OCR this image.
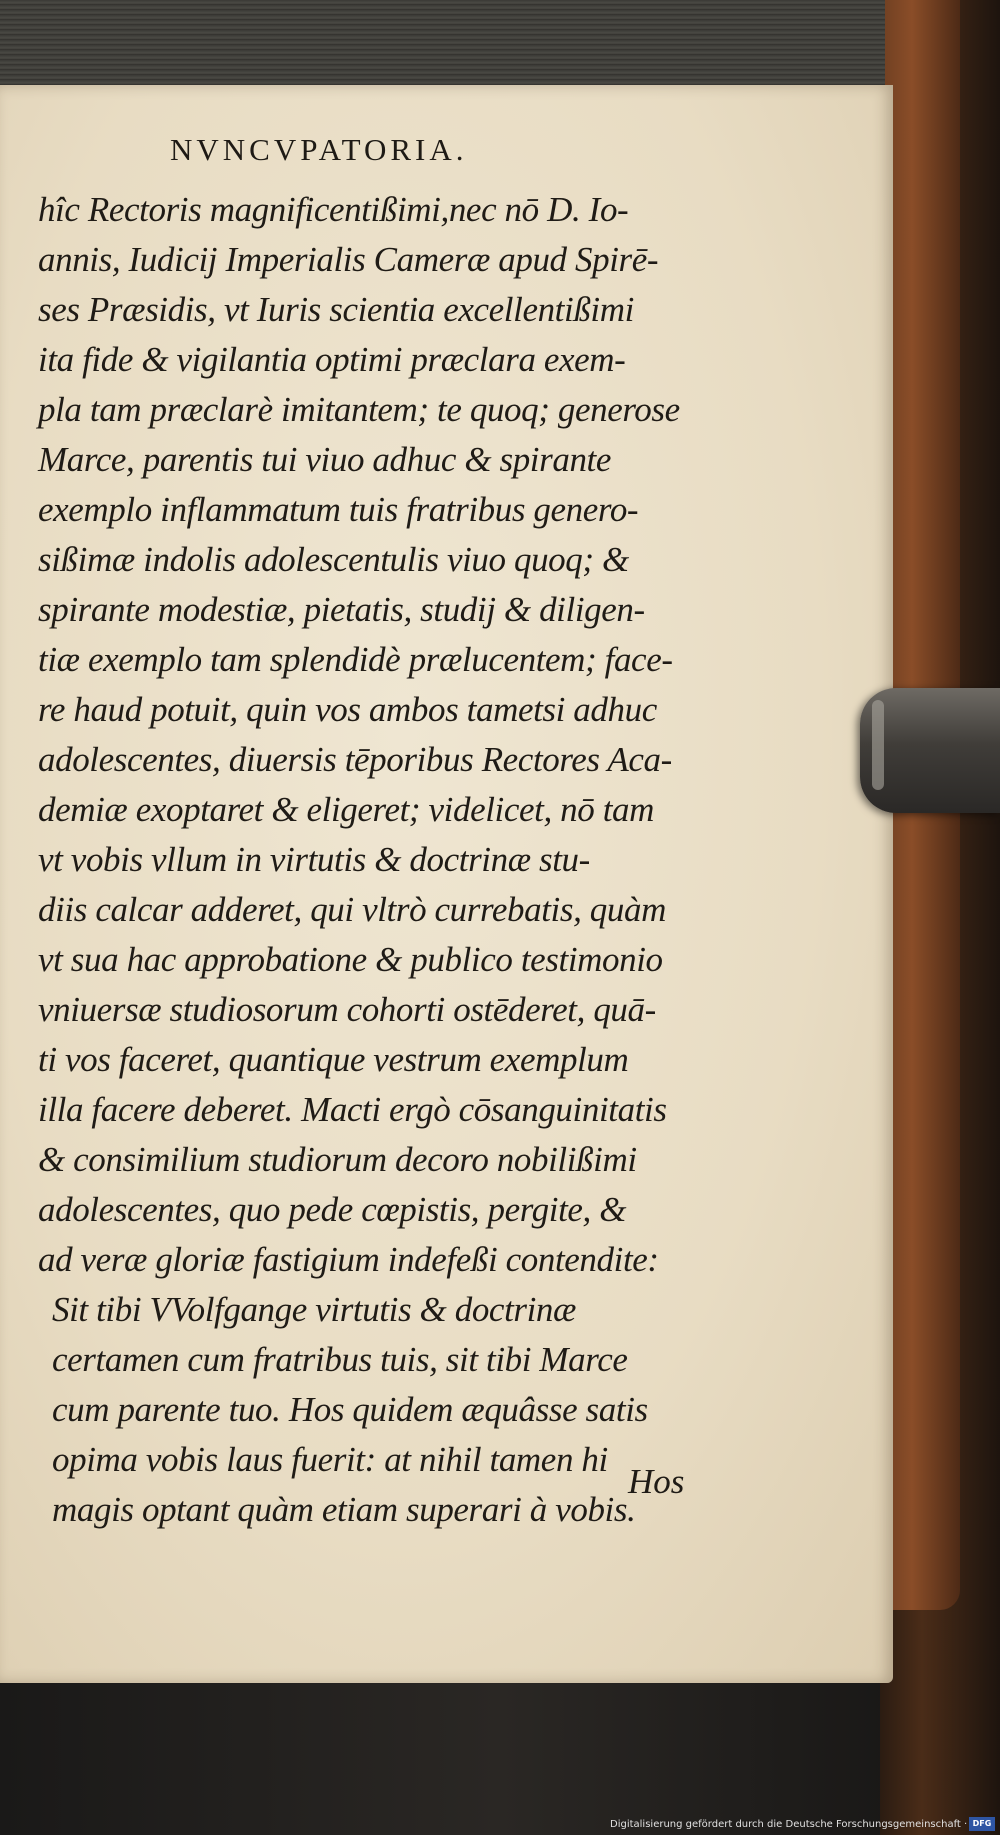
NVNCVPATORIA.
hîc Rectoris magnificentißimi,nec nō D. Io-
annis, Iudicij Imperialis Cameræ apud Spirē-
ses Præsidis, vt Iuris scientia excellentißimi
ita fide & vigilantia optimi præclara exem-
pla tam præclarè imitantem; te quoq; generose
Marce, parentis tui viuo adhuc & spirante
exemplo inflammatum tuis fratribus genero-
sißimæ indolis adolescentulis viuo quoq; &
spirante modestiæ, pietatis, studij & diligen-
tiæ exemplo tam splendidè prælucentem; face-
re haud potuit, quin vos ambos tametsi adhuc
adolescentes, diuersis tēporibus Rectores Aca-
demiæ exoptaret & eligeret; videlicet, nō tam
vt vobis vllum in virtutis & doctrinæ stu-
diis calcar adderet, qui vltrò currebatis, quàm
vt sua hac approbatione & publico testimonio
vniuersæ studiosorum cohorti ostēderet, quā-
ti vos faceret, quantique vestrum exemplum
illa facere deberet. Macti ergò cōsanguinitatis
& consimilium studiorum decoro nobilißimi
adolescentes, quo pede cœpistis, pergite, &
ad veræ gloriæ fastigium indefeßi contendite:
Sit tibi VVolfgange virtutis & doctrinæ
certamen cum fratribus tuis, sit tibi Marce
cum parente tuo. Hos quidem æquâsse satis
opima vobis laus fuerit: at nihil tamen hi
magis optant quàm etiam superari à vobis.
Hos
Digitalisierung gefördert durch die Deutsche Forschungsgemeinschaft · DFG
